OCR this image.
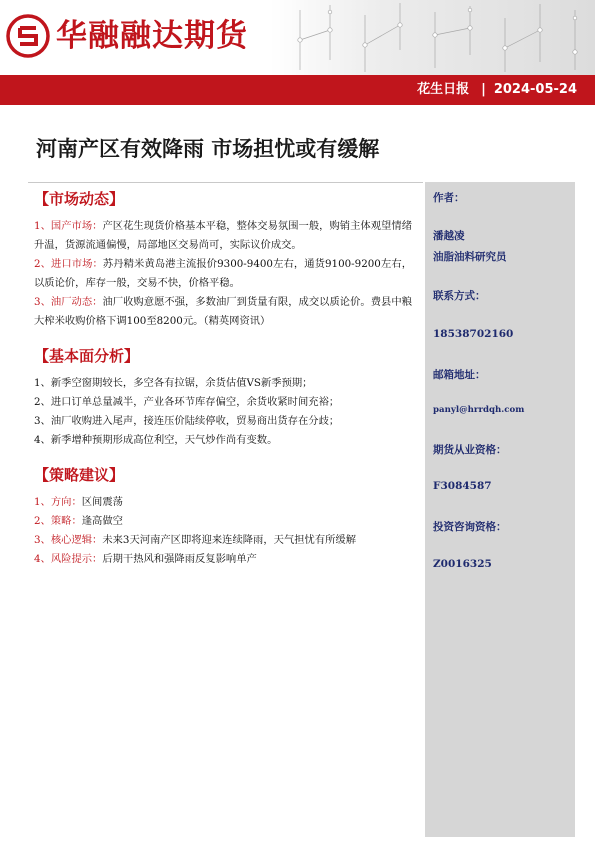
华融融达期货
花生日报 | 2024-05-24
河南产区有效降雨 市场担忧或有缓解
【市场动态】

1、国产市场：产区花生现货价格基本平稳，整体交易氛围一般，购销主体观望情绪升温，货源流通偏慢，局部地区交易尚可，实际议价成交。

2、进口市场：苏丹精米黄岛港主流报价9300-9400左右，通货9100-9200左右，以质论价，库存一般，交易不快，价格平稳。

3、油厂动态：油厂收购意愿不强，多数油厂到货量有限，成交以质论价。费县中粮大榨米收购价格下调100至8200元。（精英网资讯）

【基本面分析】

1、新季空窗期较长，多空各有拉锯，余货估值VS新季预期；

2、进口订单总量减半，产业各环节库存偏空，余货收紧时间充裕；

3、油厂收购进入尾声，接连压价陆续停收，贸易商出货存在分歧；

4、新季增种预期形成高位利空，天气炒作尚有变数。

【策略建议】

1、方向：区间震荡

2、策略：逢高做空

3、核心逻辑：未来3天河南产区即将迎来连续降雨，天气担忧有所缓解

4、风险提示：后期干热风和强降雨反复影响单产

作者：
潘越凌
油脂油料研究员
联系方式：
18538702160
邮箱地址：
panyl@hrrdqh.com
期货从业资格：
F3084587
投资咨询资格：
Z0016325
